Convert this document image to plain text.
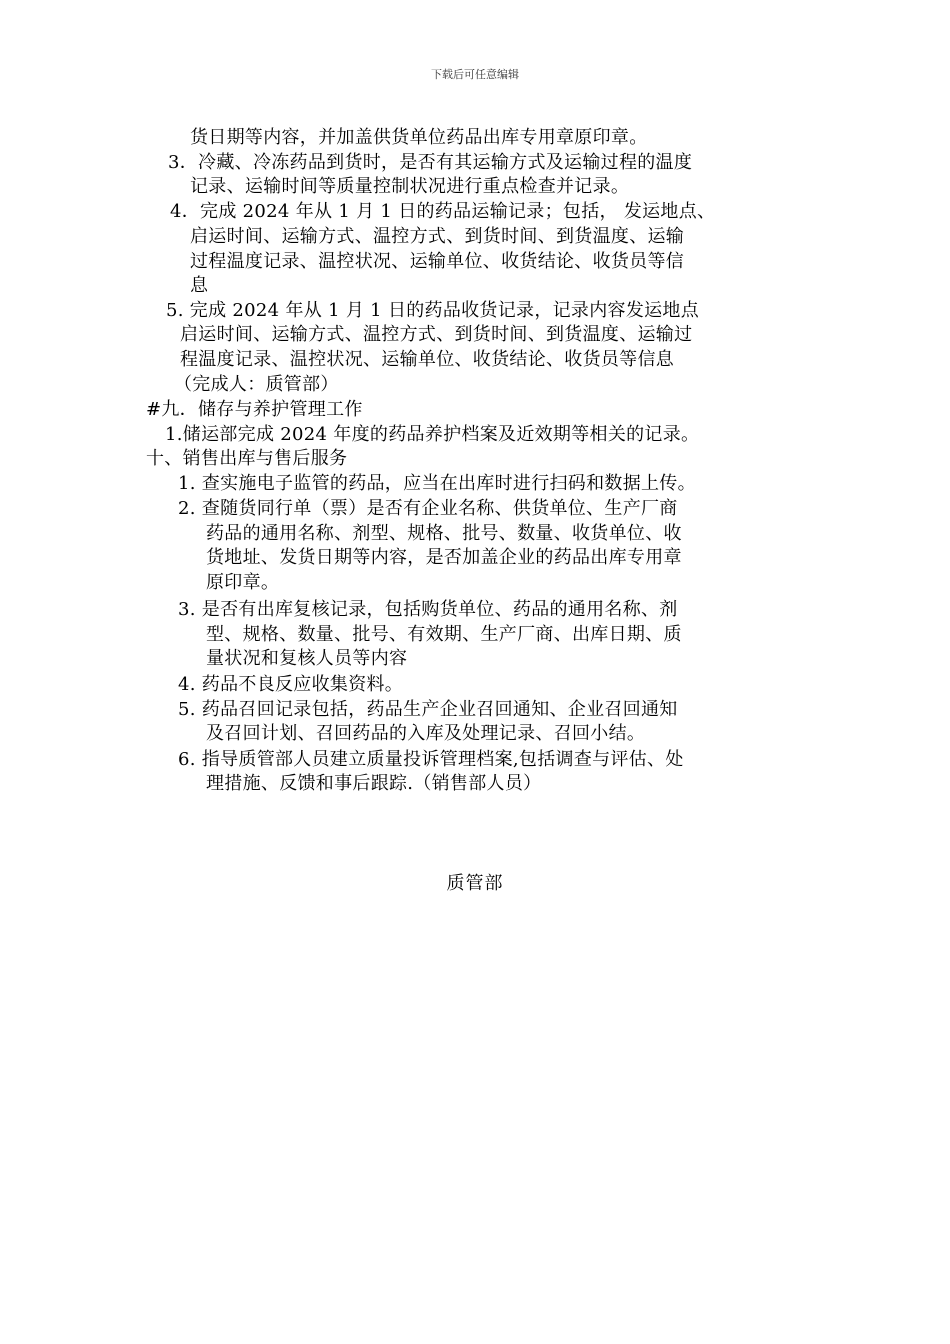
下载后可任意编辑
货日期等内容，并加盖供货单位药品出库专用章原印章。
3．冷藏、冷冻药品到货时，是否有其运输方式及运输过程的温度
记录、运输时间等质量控制状况进行重点检查并记录。
4．完成 2024 年从 1 月 1 日的药品运输记录；包括， 发运地点、
启运时间、运输方式、温控方式、到货时间、到货温度、运输
过程温度记录、温控状况、运输单位、收货结论、收货员等信
息
5. 完成 2024 年从 1 月 1 日的药品收货记录，记录内容发运地点
启运时间、运输方式、温控方式、到货时间、到货温度、运输过
程温度记录、温控状况、运输单位、收货结论、收货员等信息
（完成人：质管部）
#九．储存与养护管理工作
1.储运部完成 2024 年度的药品养护档案及近效期等相关的记录。
十、销售出库与售后服务
1. 查实施电子监管的药品，应当在出库时进行扫码和数据上传。
2. 查随货同行单（票）是否有企业名称、供货单位、生产厂商
药品的通用名称、剂型、规格、批号、数量、收货单位、收
货地址、发货日期等内容，是否加盖企业的药品出库专用章
原印章。
3. 是否有出库复核记录，包括购货单位、药品的通用名称、剂
型、规格、数量、批号、有效期、生产厂商、出库日期、质
量状况和复核人员等内容
4. 药品不良反应收集资料。
5. 药品召回记录包括，药品生产企业召回通知、企业召回通知
及召回计划、召回药品的入库及处理记录、召回小结。
6. 指导质管部人员建立质量投诉管理档案,包括调查与评估、处
理措施、反馈和事后跟踪.（销售部人员）
质管部
